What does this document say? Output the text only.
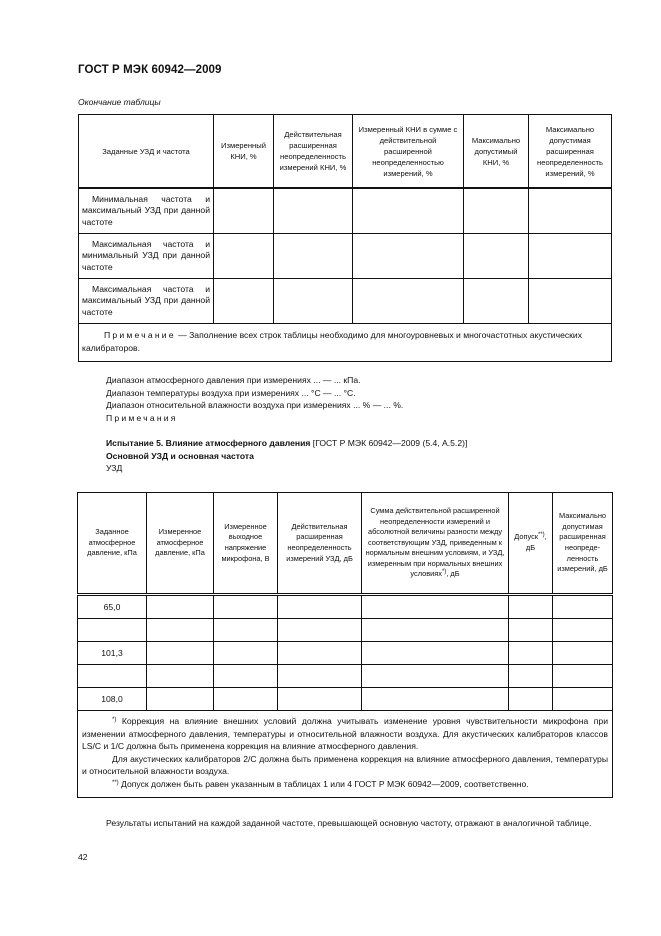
ГОСТ Р МЭК 60942—2009
Окончание таблицы
Заданные УЗД и частота	Измеренный КНИ, %	Действительная расширенная неопределенность измерений КНИ, %	Измеренный КНИ в сумме с действительной расширенной неопределенностью измерений, %	Максимально допустимый КНИ, %	Максимально допустимая расширенная неопределенность измерений, %
Минимальная частота и максимальный УЗД при данной частоте					
Максимальная частота и минимальный УЗД при данной частоте					
Максимальная частота и максимальный УЗД при данной частоте					
Примечание — Заполнение всех строк таблицы необходимо для многоуровневых и многочастотных акустических калибраторов.					
Диапазон атмосферного давления при измерениях ... — ... кПа.
Диапазон температуры воздуха при измерениях ... °С — ... °С.
Диапазон относительной влажности воздуха при измерениях ... % — ... %.
Примечания
Испытание 5. Влияние атмосферного давления [ГОСТ Р МЭК 60942—2009 (5.4, А.5.2)]
Основной УЗД и основная частота
УЗД
Заданное атмосферное давление, кПа	Измеренное атмосферное давление, кПа	Измеренное выходное напряжение микрофона, В	Действительная расширенная неопределенность измерений УЗД, дБ	Сумма действительной расширенной неопределенности измерений и абсолютной величины разности между соответствующим УЗД, приведенным к нормальным внешним условиям, и УЗД, измеренным при нормальных внешних условиях*), дБ	Допуск**), дБ	Максимально допустимая расширенная неопреде-ленность измерений, дБ
65,0						

101,3						

108,0						

*) Коррекция на влияние внешних условий должна учитывать изменение уровня чувствительности микрофона при изменении атмосферного давления, температуры и относительной влажности воздуха. Для акустических калибраторов классов LS/C и 1/C должна быть применена коррекция на влияние атмосферного давления.

Для акустических калибраторов 2/С должна быть применена коррекция на влияние атмосферного давления, температуры и относительной влажности воздуха.

**) Допуск должен быть равен указанным в таблицах 1 или 4 ГОСТ Р МЭК 60942—2009, соответственно.						

Результаты испытаний на каждой заданной частоте, превышающей основную частоту, отражают в аналогичной таблице.
42
